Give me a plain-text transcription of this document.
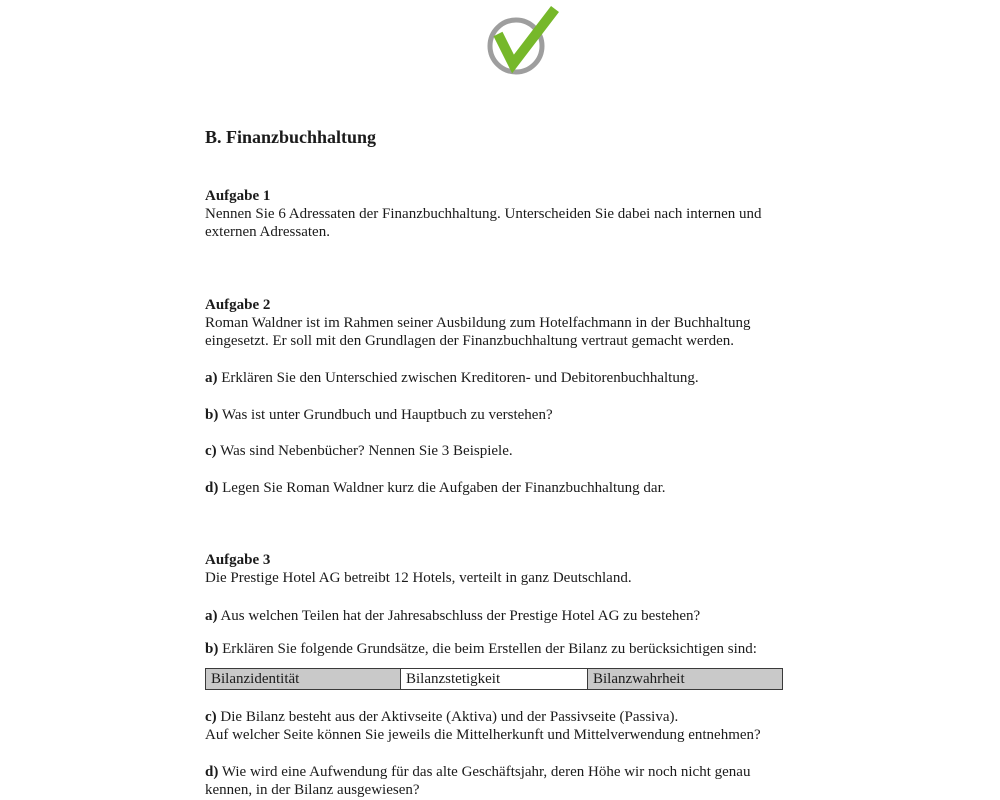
B. Finanzbuchhaltung
Aufgabe 1
Nennen Sie 6 Adressaten der Finanzbuchhaltung. Unterscheiden Sie dabei nach internen und externen Adressaten.
Aufgabe 2
Roman Waldner ist im Rahmen seiner Ausbildung zum Hotelfachmann in der Buchhaltung eingesetzt. Er soll mit den Grundlagen der Finanzbuchhaltung vertraut gemacht werden.
a) Erklären Sie den Unterschied zwischen Kreditoren- und Debitorenbuchhaltung.
b) Was ist unter Grundbuch und Hauptbuch zu verstehen?
c) Was sind Nebenbücher? Nennen Sie 3 Beispiele.
d) Legen Sie Roman Waldner kurz die Aufgaben der Finanzbuchhaltung dar.
Aufgabe 3
Die Prestige Hotel AG betreibt 12 Hotels, verteilt in ganz Deutschland.
a) Aus welchen Teilen hat der Jahresabschluss der Prestige Hotel AG zu bestehen?
b) Erklären Sie folgende Grundsätze, die beim Erstellen der Bilanz zu berücksichtigen sind:
Bilanzidentität	Bilanzstetigkeit	Bilanzwahrheit
c) Die Bilanz besteht aus der Aktivseite (Aktiva) und der Passivseite (Passiva).
Auf welcher Seite können Sie jeweils die Mittelherkunft und Mittelverwendung entnehmen?
d) Wie wird eine Aufwendung für das alte Geschäftsjahr, deren Höhe wir noch nicht genau kennen, in der Bilanz ausgewiesen?
